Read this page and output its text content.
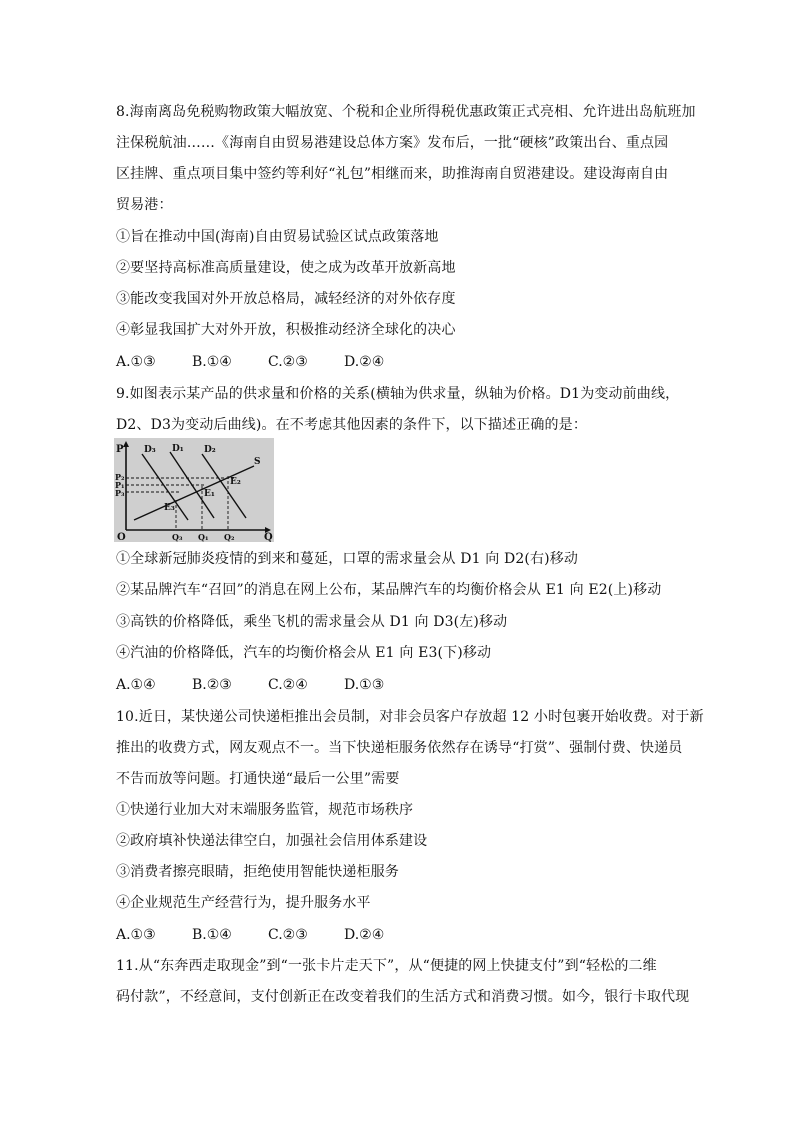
8.海南离岛免税购物政策大幅放宽、个税和企业所得税优惠政策正式亮相、允许进出岛航班加
注保税航油……《海南自由贸易港建设总体方案》发布后，一批“硬核”政策出台、重点园
区挂牌、重点项目集中签约等利好“礼包”相继而来，助推海南自贸港建设。建设海南自由
贸易港：
①旨在推动中国(海南)自由贸易试验区试点政策落地
②要坚持高标准高质量建设，使之成为改革开放新高地
③能改变我国对外开放总格局，减轻经济的对外依存度
④彰显我国扩大对外开放，积极推动经济全球化的决心
A.①③	B.①④	C.②③	D.②④
9.如图表示某产品的供求量和价格的关系(横轴为供求量，纵轴为价格。D1为变动前曲线，
D2、D3为变动后曲线)。在不考虑其他因素的条件下，以下描述正确的是：
P
Q
O
D₃ D₁ D₂
S
P₂
P₁
P₃
E₃
E₁
E₂
Q₃ Q₁ Q₂
①全球新冠肺炎疫情的到来和蔓延，口罩的需求量会从 D1 向 D2(右)移动
②某品牌汽车“召回”的消息在网上公布，某品牌汽车的均衡价格会从 E1 向 E2(上)移动
③高铁的价格降低，乘坐飞机的需求量会从 D1 向 D3(左)移动
④汽油的价格降低，汽车的均衡价格会从 E1 向 E3(下)移动
A.①④	B.②③	C.②④	D.①③
10.近日，某快递公司快递柜推出会员制，对非会员客户存放超 12 小时包裹开始收费。对于新
推出的收费方式，网友观点不一。当下快递柜服务依然存在诱导“打赏”、强制付费、快递员
不告而放等问题。打通快递“最后一公里”需要
①快递行业加大对末端服务监管，规范市场秩序
②政府填补快递法律空白，加强社会信用体系建设
③消费者擦亮眼睛，拒绝使用智能快递柜服务
④企业规范生产经营行为，提升服务水平
A.①③	B.①④	C.②③	D.②④
11.从“东奔西走取现金”到“一张卡片走天下”，从“便捷的网上快捷支付”到“轻松的二维
码付款”，不经意间，支付创新正在改变着我们的生活方式和消费习惯。如今，银行卡取代现
